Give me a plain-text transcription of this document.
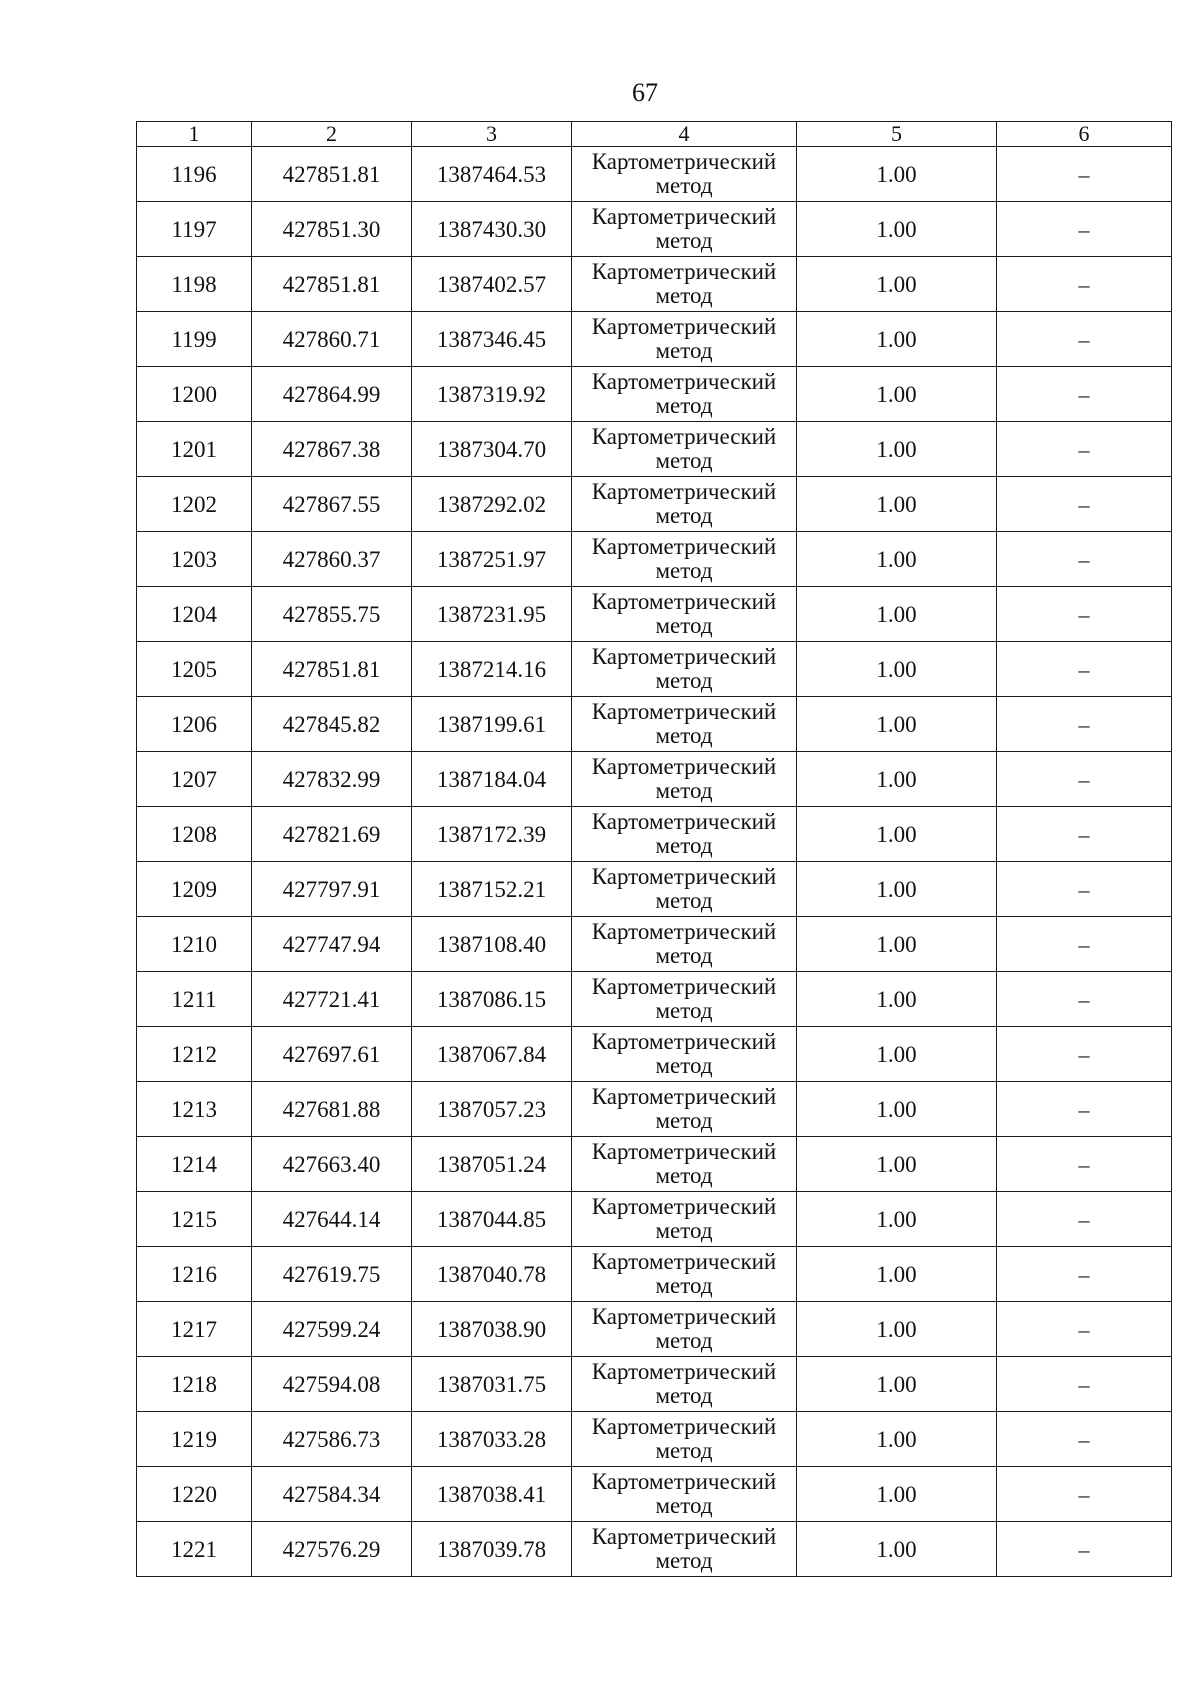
67
1	2	3	4	5	6
1196	427851.81	1387464.53	Картометрический
метод	1.00	–
1197	427851.30	1387430.30	Картометрический
метод	1.00	–
1198	427851.81	1387402.57	Картометрический
метод	1.00	–
1199	427860.71	1387346.45	Картометрический
метод	1.00	–
1200	427864.99	1387319.92	Картометрический
метод	1.00	–
1201	427867.38	1387304.70	Картометрический
метод	1.00	–
1202	427867.55	1387292.02	Картометрический
метод	1.00	–
1203	427860.37	1387251.97	Картометрический
метод	1.00	–
1204	427855.75	1387231.95	Картометрический
метод	1.00	–
1205	427851.81	1387214.16	Картометрический
метод	1.00	–
1206	427845.82	1387199.61	Картометрический
метод	1.00	–
1207	427832.99	1387184.04	Картометрический
метод	1.00	–
1208	427821.69	1387172.39	Картометрический
метод	1.00	–
1209	427797.91	1387152.21	Картометрический
метод	1.00	–
1210	427747.94	1387108.40	Картометрический
метод	1.00	–
1211	427721.41	1387086.15	Картометрический
метод	1.00	–
1212	427697.61	1387067.84	Картометрический
метод	1.00	–
1213	427681.88	1387057.23	Картометрический
метод	1.00	–
1214	427663.40	1387051.24	Картометрический
метод	1.00	–
1215	427644.14	1387044.85	Картометрический
метод	1.00	–
1216	427619.75	1387040.78	Картометрический
метод	1.00	–
1217	427599.24	1387038.90	Картометрический
метод	1.00	–
1218	427594.08	1387031.75	Картометрический
метод	1.00	–
1219	427586.73	1387033.28	Картометрический
метод	1.00	–
1220	427584.34	1387038.41	Картометрический
метод	1.00	–
1221	427576.29	1387039.78	Картометрический
метод	1.00	–
